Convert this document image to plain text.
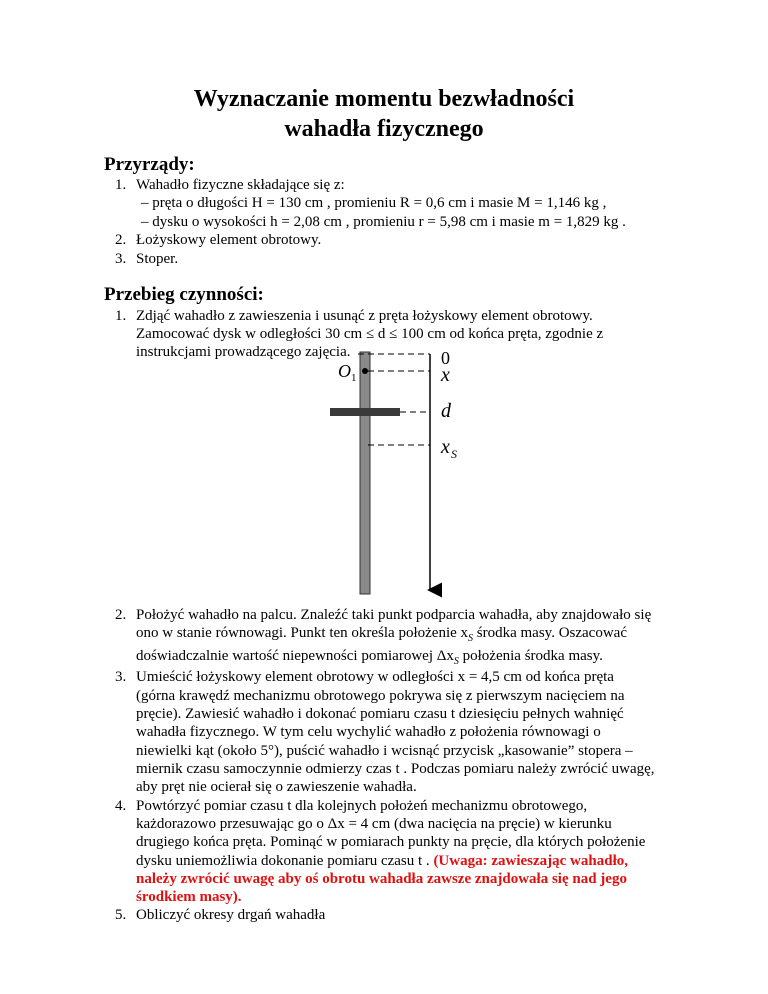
Wyznaczanie momentu bezwładności
wahadła fizycznego
Przyrządy:
1. Wahadło fizyczne składające się z:
– pręta o długości H = 130 cm , promieniu R = 0,6 cm i masie M = 1,146 kg ,
– dysku o wysokości h = 2,08 cm , promieniu r = 5,98 cm i masie m = 1,829 kg .
2. Łożyskowy element obrotowy.
3. Stoper.
Przebieg czynności:
1. Zdjąć wahadło z zawieszenia i usunąć z pręta łożyskowy element obrotowy.
Zamocować dysk w odległości 30 cm ≤ d ≤ 100 cm od końca pręta, zgodnie z
instrukcjami prowadzącego zajęcia.
O 1
0
x
d
x S
2. Położyć wahadło na palcu. Znaleźć taki punkt podparcia wahadła, aby znajdowało się
ono w stanie równowagi. Punkt ten określa położenie $x_S$ środka masy. Oszacować
doświadczalnie wartość niepewności pomiarowej $\Delta x_S$ położenia środka masy.
3. Umieścić łożyskowy element obrotowy w odległości x = 4,5 cm od końca pręta
(górna krawędź mechanizmu obrotowego pokrywa się z pierwszym nacięciem na
pręcie). Zawiesić wahadło i dokonać pomiaru czasu t dziesięciu pełnych wahnięć
wahadła fizycznego. W tym celu wychylić wahadło z położenia równowagi o
niewielki kąt (około 5°), puścić wahadło i wcisnąć przycisk „kasowanie” stopera –
miernik czasu samoczynnie odmierzy czas t . Podczas pomiaru należy zwrócić uwagę,
aby pręt nie ocierał się o zawieszenie wahadła.
4. Powtórzyć pomiar czasu t dla kolejnych położeń mechanizmu obrotowego,
każdorazowo przesuwając go o Δx = 4 cm (dwa nacięcia na pręcie) w kierunku
drugiego końca pręta. Pominąć w pomiarach punkty na pręcie, dla których położenie
dysku uniemożliwia dokonanie pomiaru czasu t . (Uwaga: zawieszając wahadło,
należy zwrócić uwagę aby oś obrotu wahadła zawsze znajdowała się nad jego
środkiem masy).
5. Obliczyć okresy drgań wahadła
